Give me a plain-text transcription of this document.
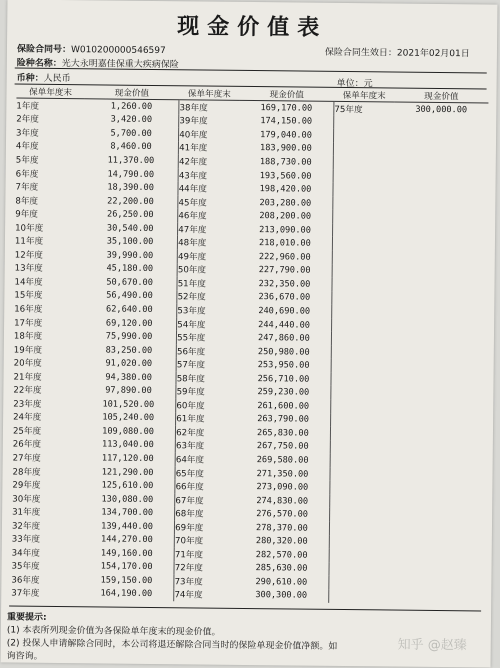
现金价值表
保险合同号：W010200000546597	保险合同生效日：2021年02月01日
险种名称：光大永明嘉佳保重大疾病保险
币种：人民币	单位：元
保单年度末	现金价值	保单年度末	现金价值	保单年度末	现金价值
1年度	1,260.00	38年度	169,170.00	75年度	300,000.00
2年度	3,420.00	39年度	174,150.00		
3年度	5,700.00	40年度	179,040.00		
4年度	8,460.00	41年度	183,900.00		
5年度	11,370.00	42年度	188,730.00		
6年度	14,790.00	43年度	193,560.00		
7年度	18,390.00	44年度	198,420.00		
8年度	22,200.00	45年度	203,280.00		
9年度	26,250.00	46年度	208,200.00		
10年度	30,540.00	47年度	213,090.00		
11年度	35,100.00	48年度	218,010.00		
12年度	39,990.00	49年度	222,960.00		
13年度	45,180.00	50年度	227,790.00		
14年度	50,670.00	51年度	232,350.00		
15年度	56,490.00	52年度	236,670.00		
16年度	62,640.00	53年度	240,690.00		
17年度	69,120.00	54年度	244,440.00		
18年度	75,990.00	55年度	247,860.00		
19年度	83,250.00	56年度	250,980.00		
20年度	91,020.00	57年度	253,950.00		
21年度	94,380.00	58年度	256,710.00		
22年度	97,890.00	59年度	259,230.00		
23年度	101,520.00	60年度	261,600.00		
24年度	105,240.00	61年度	263,790.00		
25年度	109,080.00	62年度	265,830.00		
26年度	113,040.00	63年度	267,750.00		
27年度	117,120.00	64年度	269,580.00		
28年度	121,290.00	65年度	271,350.00		
29年度	125,610.00	66年度	273,090.00		
30年度	130,080.00	67年度	274,830.00		
31年度	134,700.00	68年度	276,570.00		
32年度	139,440.00	69年度	278,370.00		
33年度	144,270.00	70年度	280,320.00		
34年度	149,160.00	71年度	282,570.00		
35年度	154,170.00	72年度	285,630.00		
36年度	159,150.00	73年度	290,610.00		
37年度	164,190.00	74年度	300,300.00		
重要提示:
(1) 本表所列现金价值为各保险单年度末的现金价值。
(2) 投保人申请解除合同时，本公司将退还解除合同当时的保险单现金价值净额。如
询咨询。
知乎 @赵臻
